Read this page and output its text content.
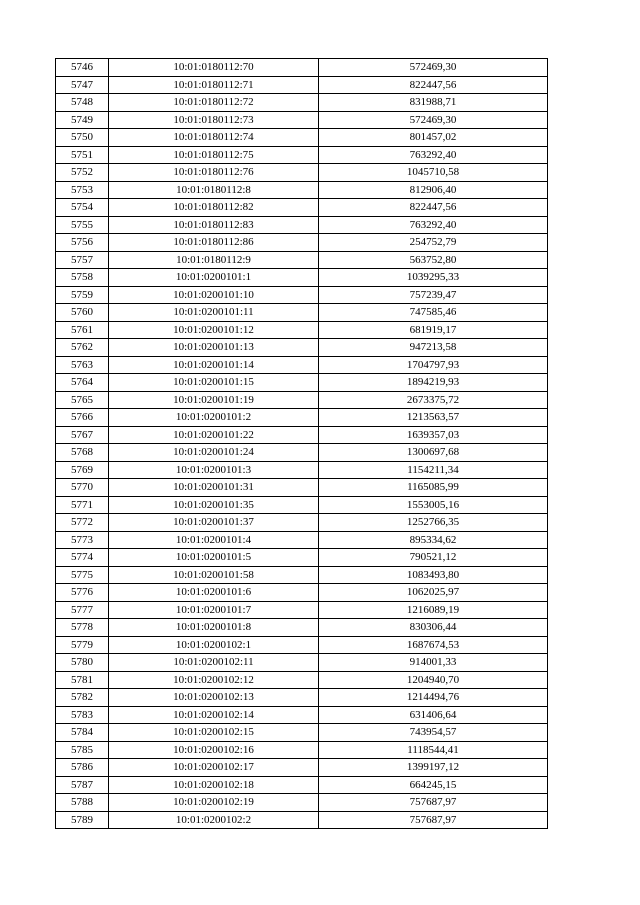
5746	10:01:0180112:70	572469,30
5747	10:01:0180112:71	822447,56
5748	10:01:0180112:72	831988,71
5749	10:01:0180112:73	572469,30
5750	10:01:0180112:74	801457,02
5751	10:01:0180112:75	763292,40
5752	10:01:0180112:76	1045710,58
5753	10:01:0180112:8	812906,40
5754	10:01:0180112:82	822447,56
5755	10:01:0180112:83	763292,40
5756	10:01:0180112:86	254752,79
5757	10:01:0180112:9	563752,80
5758	10:01:0200101:1	1039295,33
5759	10:01:0200101:10	757239,47
5760	10:01:0200101:11	747585,46
5761	10:01:0200101:12	681919,17
5762	10:01:0200101:13	947213,58
5763	10:01:0200101:14	1704797,93
5764	10:01:0200101:15	1894219,93
5765	10:01:0200101:19	2673375,72
5766	10:01:0200101:2	1213563,57
5767	10:01:0200101:22	1639357,03
5768	10:01:0200101:24	1300697,68
5769	10:01:0200101:3	1154211,34
5770	10:01:0200101:31	1165085,99
5771	10:01:0200101:35	1553005,16
5772	10:01:0200101:37	1252766,35
5773	10:01:0200101:4	895334,62
5774	10:01:0200101:5	790521,12
5775	10:01:0200101:58	1083493,80
5776	10:01:0200101:6	1062025,97
5777	10:01:0200101:7	1216089,19
5778	10:01:0200101:8	830306,44
5779	10:01:0200102:1	1687674,53
5780	10:01:0200102:11	914001,33
5781	10:01:0200102:12	1204940,70
5782	10:01:0200102:13	1214494,76
5783	10:01:0200102:14	631406,64
5784	10:01:0200102:15	743954,57
5785	10:01:0200102:16	1118544,41
5786	10:01:0200102:17	1399197,12
5787	10:01:0200102:18	664245,15
5788	10:01:0200102:19	757687,97
5789	10:01:0200102:2	757687,97
